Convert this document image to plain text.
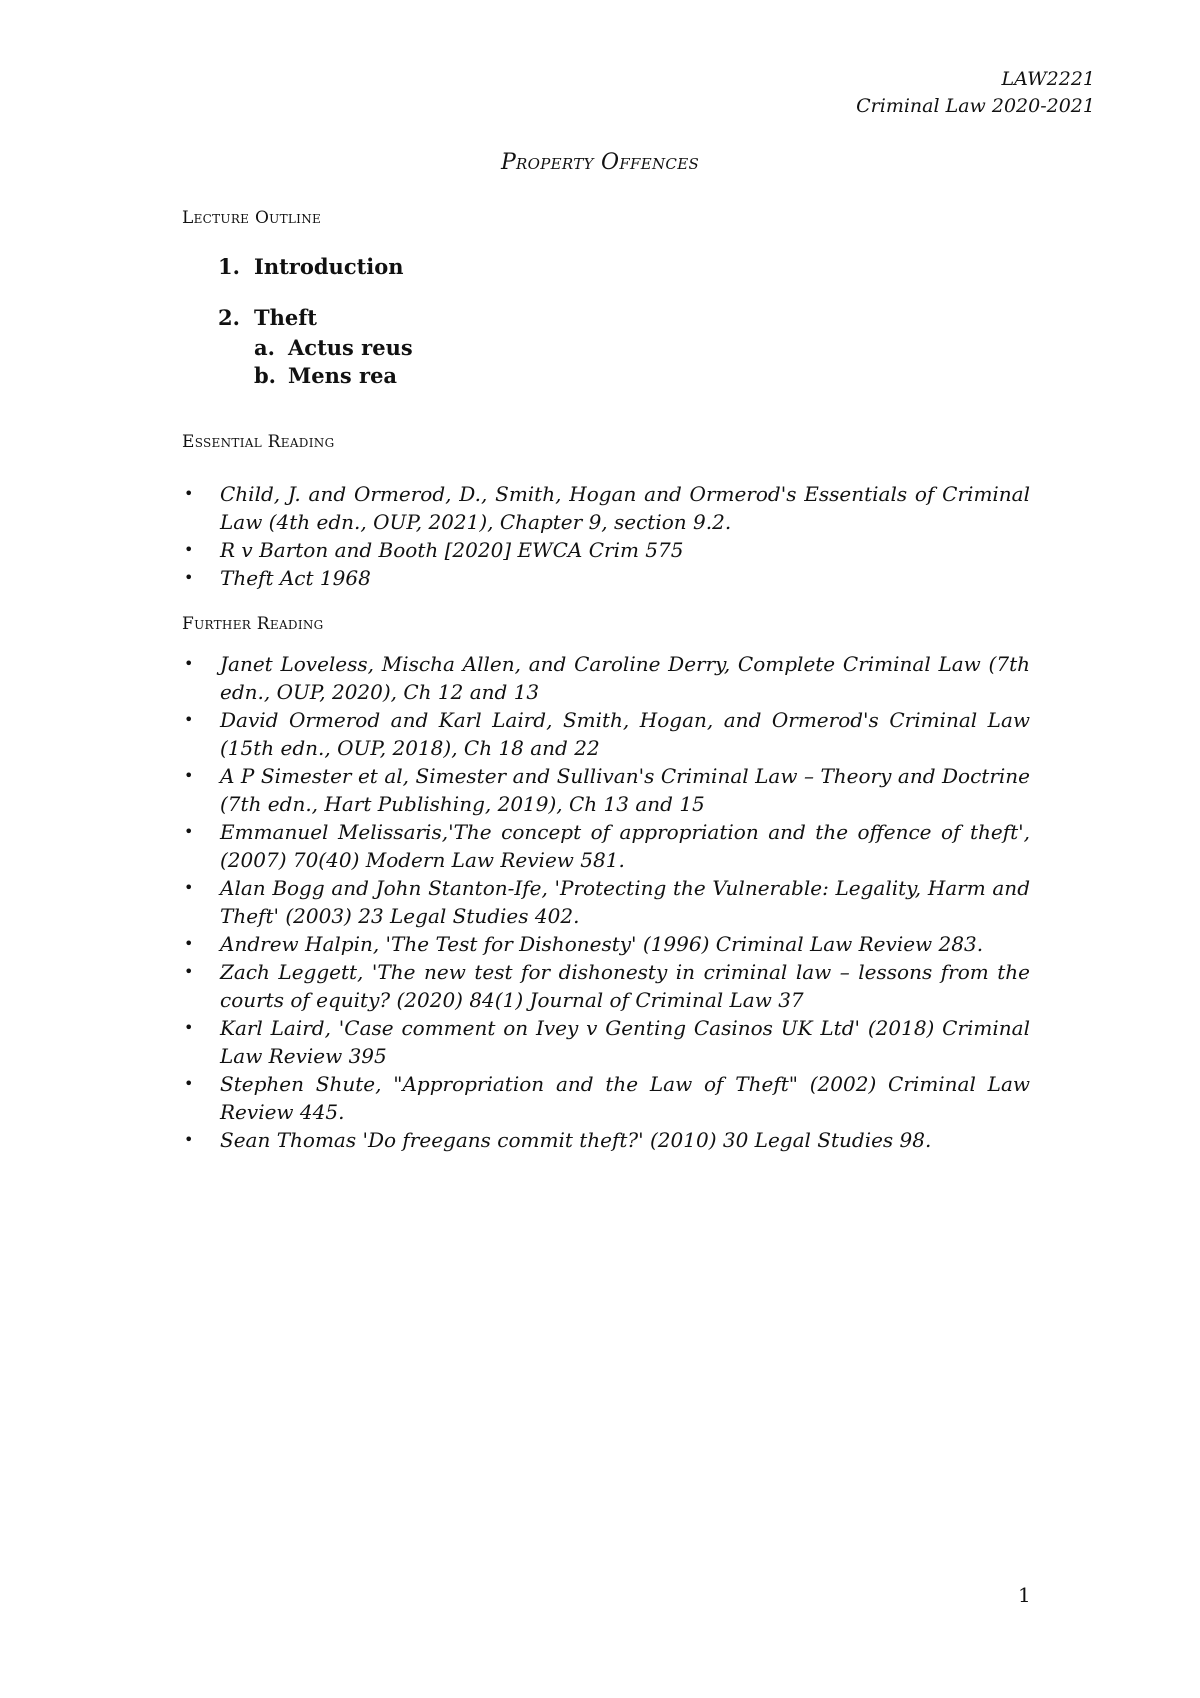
LAW2221
Criminal Law 2020-2021
Property Offences
Lecture Outline
1. Introduction
2. Theft
a. Actus reus
b. Mens rea
Essential Reading
• Child, J. and Ormerod, D., Smith, Hogan and Ormerod's Essentials of Criminal Law (4th edn., OUP, 2021), Chapter 9, section 9.2.
• R v Barton and Booth [2020] EWCA Crim 575
• Theft Act 1968
Further Reading
• Janet Loveless, Mischa Allen, and Caroline Derry, Complete Criminal Law (7th edn., OUP, 2020), Ch 12 and 13
• David Ormerod and Karl Laird, Smith, Hogan, and Ormerod's Criminal Law (15th edn., OUP, 2018), Ch 18 and 22
• A P Simester et al, Simester and Sullivan's Criminal Law – Theory and Doctrine (7th edn., Hart Publishing, 2019), Ch 13 and 15
• Emmanuel Melissaris,'The concept of appropriation and the offence of theft', (2007) 70(40) Modern Law Review 581.
• Alan Bogg and John Stanton-Ife, 'Protecting the Vulnerable: Legality, Harm and Theft' (2003) 23 Legal Studies 402.
• Andrew Halpin, 'The Test for Dishonesty' (1996) Criminal Law Review 283.
• Zach Leggett, 'The new test for dishonesty in criminal law – lessons from the courts of equity? (2020) 84(1) Journal of Criminal Law 37
• Karl Laird, 'Case comment on Ivey v Genting Casinos UK Ltd' (2018) Criminal Law Review 395
• Stephen Shute, "Appropriation and the Law of Theft" (2002) Criminal Law Review 445.
• Sean Thomas 'Do freegans commit theft?' (2010) 30 Legal Studies 98.
1
